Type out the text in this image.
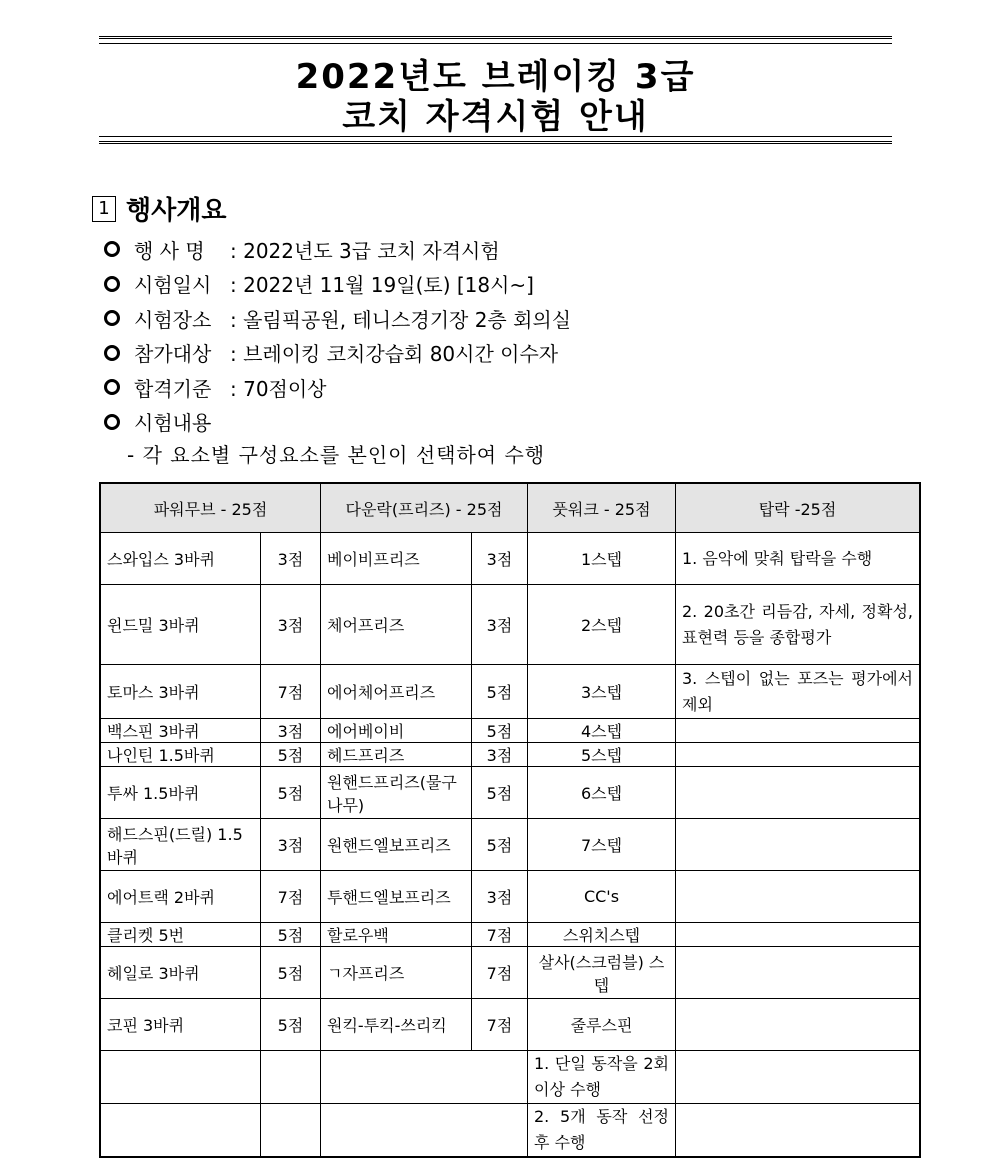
2022년도 브레이킹 3급
코치 자격시험 안내
1 행사개요
행 사 명	: 2022년도 3급 코치 자격시험
시험일시 : 2022년 11월 19일(토) [18시~]
시험장소 : 올림픽공원, 테니스경기장 2층 회의실
참가대상 : 브레이킹 코치강습회 80시간 이수자
합격기준 : 70점이상
시험내용
- 각 요소별 구성요소를 본인이 선택하여 수행
파워무브 - 25점		다운락(프리즈) - 25점		풋워크 - 25점	탑락 -25점
스와입스 3바퀴	3점	베이비프리즈	3점	1스텝	1. 음악에 맞춰 탑락을 수행
윈드밀 3바퀴	3점	체어프리즈	3점	2스텝	2. 20초간 리듬감, 자세, 정확성, 표현력 등을 종합평가
토마스 3바퀴	7점	에어체어프리즈	5점	3스텝	3. 스텝이 없는 포즈는 평가에서 제외
백스핀 3바퀴	3점	에어베이비	5점	4스텝	
나인틴 1.5바퀴	5점	헤드프리즈	3점	5스텝	
투싸 1.5바퀴	5점	원핸드프리즈(물구나무)	5점	6스텝	
해드스핀(드릴) 1.5바퀴	3점	원핸드엘보프리즈	5점	7스텝	
에어트랙 2바퀴	7점	투핸드엘보프리즈	3점	CC's	
클리켓 5번	5점	할로우백	7점	스위치스텝	
헤일로 3바퀴	5점	ㄱ자프리즈	7점	살사(스크럼블) 스텝	
코핀 3바퀴	5점	원킥-투킥-쓰리킥	7점	줄루스핀	
				1. 단일 동작을 2회 이상 수행	
				2. 5개 동작 선정 후 수행	
